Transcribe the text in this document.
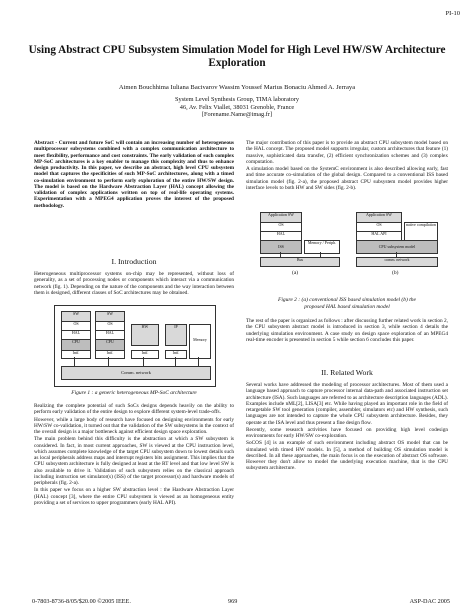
PI-10
Using Abstract CPU Subsystem Simulation Model for High Level HW/SW Architecture Exploration
Aimen Bouchhima Iuliana Bacivarov Wassim Youssef Marius Bonaciu Ahmed A. Jerraya
System Level Synthesis Group, TIMA laboratory
46, Av. Felix Viallet, 38031 Grenoble, France
[Forename.Name@imag.fr]
Abstract - Current and future SoC will contain an increasing number of heterogeneous multiprocessor subsystems combined with a complex communication architecture to meet flexibility, performance and cost constraints. The early validation of such complex MP-SoC architectures is a key enabler to manage this complexity and thus to enhance design productivity. In this paper, we describe an abstract, high level CPU subsystem model that captures the specificities of such MP-SoC architectures, along with a timed co-simulation environment to perform early exploration of the entire HW/SW design. The model is based on the Hardware Abstraction Layer (HAL) concept allowing the validation of complex applications written on top of real-life operating systems. Experimentation with a MPEG4 application proves the interest of the proposed methodology.
I. Introduction
Heterogeneous multiprocessor systems on-chip may be represented, without loss of generality, as a set of processing nodes or components which interact via a communication network (fig. 1). Depending on the nature of the components and the way interaction between them is designed, different classes of SoC architectures may be obtained.
SW
OS
HAL
CPU
Intf.
SW
OS
HAL
CPU
Intf.
HW
Intf.
IP
Intf.
Memory
Comm. network
Figure 1 : a generic heterogeneous MP-SoC architecture

Realizing the complete potential of such SoCs designs depends heavily on the ability to perform early validation of the entire design to explore different system-level trade-offs.

However, while a large body of research have focused on designing environments for early HW/SW co-validation, it turned out that the validation of the SW subsystems in the context of the overall design is a major bottleneck against efficient design space exploration.

The main problem behind this difficulty is the abstraction at which a SW subsystem is considered. In fact, in most current approaches, SW is viewed at the CPU instruction level, which assumes complete knowledge of the target CPU subsystem down to lowest details such as local peripherals address maps and interrupt registers bits assignment. This implies that the CPU subsystem architecture is fully designed at least at the RT level and that low level SW is also available to drive it. Validation of such subsystem relies on the classical approach including instruction set simulator(s) (ISS) of the target processor(s) and hardware models of peripherals (fig. 2-a).

In this paper we focus on a higher SW abstraction level : the Hardware Abstraction Layer (HAL) concept [3], where the entire CPU subsystem is viewed as an homogeneous entity providing a set of services to upper programmers (early HAL API).

The major contribution of this paper is to provide an abstract CPU subsystem model based on the HAL concept. The proposed model supports irregular, custom architectures that feature (1) massive, sophisticated data transfer, (2) efficient synchronization schemes and (3) complex computation.

A simulation model based on the SystemC environment is also described allowing early, fast and time accurate co-simulation of the global design. Compared to a conventional ISS based simulation model (fig. 2-a), the proposed abstract CPU subsystem model provides higher interface levels to both HW and SW sides (fig. 2-b).

Application SW
OS
HAL
ISS
Memory / Periph.
Bus
Application SW
OS	native compilation
HAL API
CPU subsystem model
comm. network
(a)	(b)
Figure 2 : (a) conventional ISS based simulation model (b) the
proposed HAL based simulation model
The rest of the paper is organized as follows : after discussing further related work in section 2, the CPU subsystem abstract model is introduced in section 3, while section 4 details the underlying simulation environment. A case study on design space exploration of an MPEG4 real-time encoder is presented in section 5 while section 6 concludes this paper.
II. Related Work

Several works have addressed the modeling of processor architectures. Most of them used a language based approach to capture processor internal data-path and associated instruction set architecture (ISA). Such languages are referred to as architecture description languages (ADL). Examples include nML[2], LISA[3] etc. While having played an important role in the field of retargetable SW tool generation (compiler, assembler, simulators etc) and HW synthesis, such languages are not intended to capture the whole CPU subsystem architecture. Besides, they operate at the ISA level and thus present a fine design flow.

Recently, some research activities have focused on providing high level codesign environments for early HW/SW co-exploration.

SoCOS [4] is an example of such environment including abstract OS model that can be simulated with timed HW models. In [5], a method of building OS simulation model is described. In all these approaches, the main focus is on the execution of abstract OS software. However they don't allow to model the underlying execution machine, that is the CPU subsystem architecture.

0-7803-8736-8/05/$20.00 ©2005 IEEE.	969	ASP-DAC 2005
